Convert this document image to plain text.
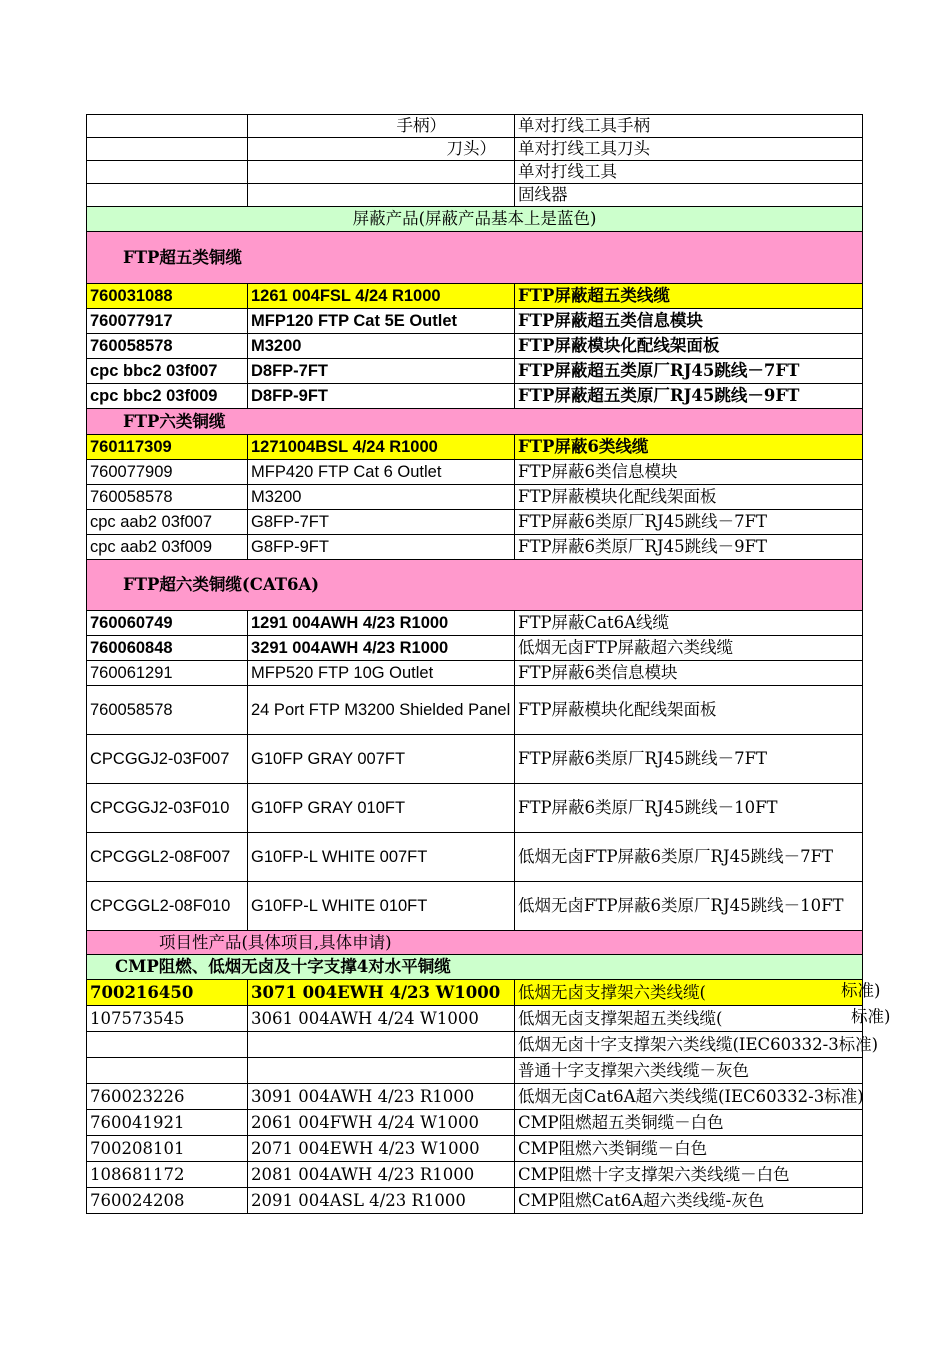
	手柄）	单对打线工具手柄
	刀头）	单对打线工具刀头
		单对打线工具
		固线器
屏蔽产品(屏蔽产品基本上是蓝色)		

FTP超五类铜缆		

760031088	1261 004FSL 4/24 R1000	FTP屏蔽超五类线缆
760077917	MFP120 FTP Cat 5E Outlet	FTP屏蔽超五类信息模块
760058578	M3200	FTP屏蔽模块化配线架面板
cpc bbc2 03f007	D8FP-7FT	FTP屏蔽超五类原厂RJ45跳线－7FT
cpc bbc2 03f009	D8FP-9FT	FTP屏蔽超五类原厂RJ45跳线－9FT
FTP六类铜缆		
760117309	1271004BSL 4/24 R1000	FTP屏蔽6类线缆
760077909	MFP420 FTP Cat 6 Outlet	FTP屏蔽6类信息模块
760058578	M3200	FTP屏蔽模块化配线架面板
cpc aab2 03f007	G8FP-7FT	FTP屏蔽6类原厂RJ45跳线－7FT
cpc aab2 03f009	G8FP-9FT	FTP屏蔽6类原厂RJ45跳线－9FT

FTP超六类铜缆(CAT6A)		

760060749	1291 004AWH 4/23 R1000	FTP屏蔽Cat6A线缆
760060848	3291 004AWH 4/23 R1000	低烟无卤FTP屏蔽超六类线缆
760061291	MFP520 FTP 10G Outlet	FTP屏蔽6类信息模块
760058578	24 Port FTP M3200 Shielded Panel	FTP屏蔽模块化配线架面板
CPCGGJ2-03F007	G10FP GRAY 007FT	FTP屏蔽6类原厂RJ45跳线－7FT
CPCGGJ2-03F010	G10FP GRAY 010FT	FTP屏蔽6类原厂RJ45跳线－10FT
CPCGGL2-08F007	G10FP-L WHITE 007FT	低烟无卤FTP屏蔽6类原厂RJ45跳线－7FT
CPCGGL2-08F010	G10FP-L WHITE 010FT	低烟无卤FTP屏蔽6类原厂RJ45跳线－10FT
项目性产品(具体项目,具体申请)		
CMP阻燃、低烟无卤及十字支撑4对水平铜缆		
700216450	3071 004EWH 4/23 W1000	低烟无卤支撑架六类线缆( 标准)

107573545	3061 004AWH 4/24 W1000	低烟无卤支撑架超五类线缆( 标准)

		低烟无卤十字支撑架六类线缆(IEC60332-3标准)
		普通十字支撑架六类线缆－灰色
760023226	3091 004AWH 4/23 R1000	低烟无卤Cat6A超六类线缆(IEC60332-3标准)
760041921	2061 004FWH 4/24 W1000	CMP阻燃超五类铜缆－白色
700208101	2071 004EWH 4/23 W1000	CMP阻燃六类铜缆－白色
108681172	2081 004AWH 4/23 R1000	CMP阻燃十字支撑架六类线缆－白色
760024208	2091 004ASL 4/23 R1000	CMP阻燃Cat6A超六类线缆-灰色
